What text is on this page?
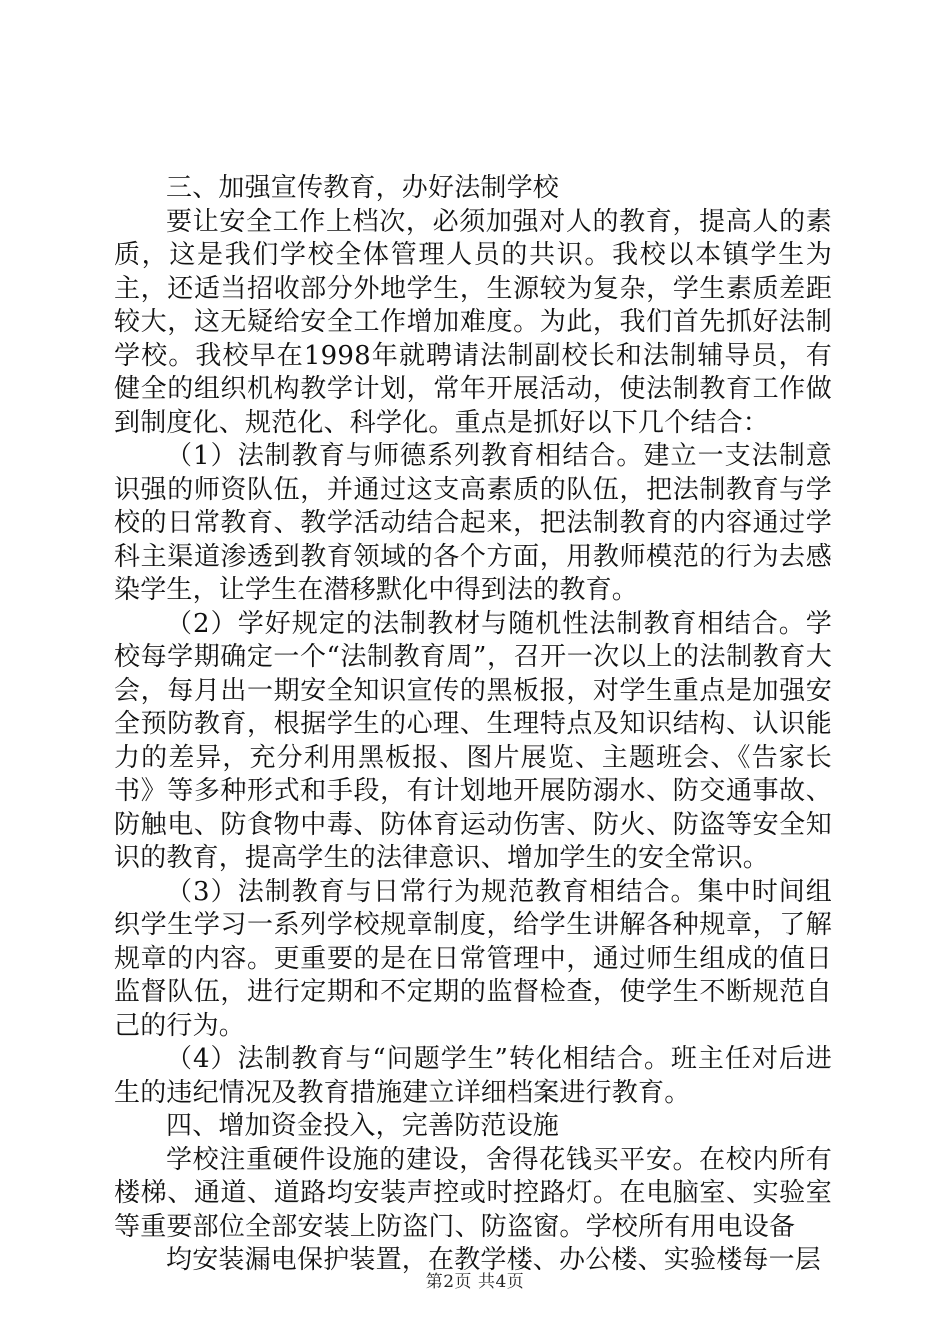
三、加强宣传教育，办好法制学校

要让安全工作上档次，必须加强对人的教育，提高人的素质，这是我们学校全体管理人员的共识。我校以本镇学生为主，还适当招收部分外地学生，生源较为复杂，学生素质差距较大，这无疑给安全工作增加难度。为此，我们首先抓好法制学校。我校早在1998年就聘请法制副校长和法制辅导员，有健全的组织机构教学计划，常年开展活动，使法制教育工作做到制度化、规范化、科学化。重点是抓好以下几个结合：

（1）法制教育与师德系列教育相结合。建立一支法制意识强的师资队伍，并通过这支高素质的队伍，把法制教育与学校的日常教育、教学活动结合起来，把法制教育的内容通过学科主渠道渗透到教育领域的各个方面，用教师模范的行为去感染学生，让学生在潜移默化中得到法的教育。

（2）学好规定的法制教材与随机性法制教育相结合。学校每学期确定一个“法制教育周”，召开一次以上的法制教育大会，每月出一期安全知识宣传的黑板报，对学生重点是加强安全预防教育，根据学生的心理、生理特点及知识结构、认识能力的差异，充分利用黑板报、图片展览、主题班会、《告家长书》等多种形式和手段，有计划地开展防溺水、防交通事故、防触电、防食物中毒、防体育运动伤害、防火、防盗等安全知识的教育，提高学生的法律意识、增加学生的安全常识。

（3）法制教育与日常行为规范教育相结合。集中时间组织学生学习一系列学校规章制度，给学生讲解各种规章，了解规章的内容。更重要的是在日常管理中，通过师生组成的值日监督队伍，进行定期和不定期的监督检查，使学生不断规范自己的行为。

（4）法制教育与“问题学生”转化相结合。班主任对后进生的违纪情况及教育措施建立详细档案进行教育。

四、增加资金投入，完善防范设施

学校注重硬件设施的建设，舍得花钱买平安。在校内所有楼梯、通道、道路均安装声控或时控路灯。在电脑室、实验室等重要部位全部安装上防盗门、防盗窗。学校所有用电设备

均安装漏电保护装置，在教学楼、办公楼、实验楼每一层

第2页 共4页
